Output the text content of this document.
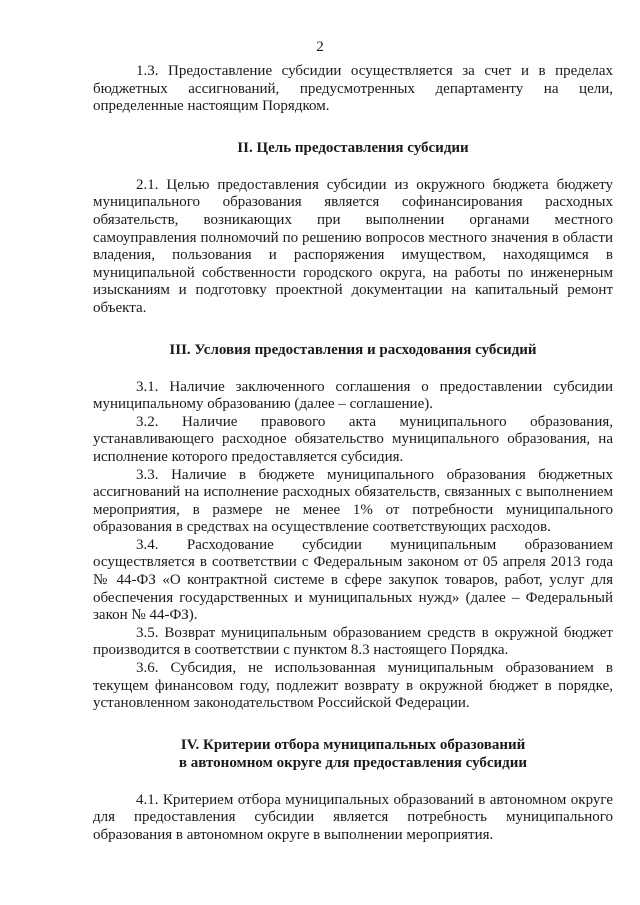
2

1.3. Предоставление субсидии осуществляется за счет и в пределах бюджетных ассигнований, предусмотренных департаменту на цели, определенные настоящим Порядком.

II. Цель предоставления субсидии

2.1. Целью предоставления субсидии из окружного бюджета бюджету муниципального образования является софинансирования расходных обязательств, возникающих при выполнении органами местного самоуправления полномочий по решению вопросов местного значения в области владения, пользования и распоряжения имуществом, находящимся в муниципальной собственности городского округа, на работы по инженерным изысканиям и подготовку проектной документации на капитальный ремонт объекта.

III. Условия предоставления и расходования субсидий

3.1. Наличие заключенного соглашения о предоставлении субсидии муниципальному образованию (далее – соглашение).

3.2. Наличие правового акта муниципального образования, устанавливающего расходное обязательство муниципального образования, на исполнение которого предоставляется субсидия.

3.3. Наличие в бюджете муниципального образования бюджетных ассигнований на исполнение расходных обязательств, связанных с выполнением мероприятия, в размере не менее 1% от потребности муниципального образования в средствах на осуществление соответствующих расходов.

3.4. Расходование субсидии муниципальным образованием осуществляется в соответствии с Федеральным законом от 05 апреля 2013 года № 44-ФЗ «О контрактной системе в сфере закупок товаров, работ, услуг для обеспечения государственных и муниципальных нужд» (далее – Федеральный закон № 44-ФЗ).

3.5. Возврат муниципальным образованием средств в окружной бюджет производится в соответствии с пунктом 8.3 настоящего Порядка.

3.6. Субсидия, не использованная муниципальным образованием в текущем финансовом году, подлежит возврату в окружной бюджет в порядке, установленном законодательством Российской Федерации.

IV. Критерии отбора муниципальных образований
в автономном округе для предоставления субсидии

4.1. Критерием отбора муниципальных образований в автономном округе для предоставления субсидии является потребность муниципального образования в автономном округе в выполнении мероприятия.
